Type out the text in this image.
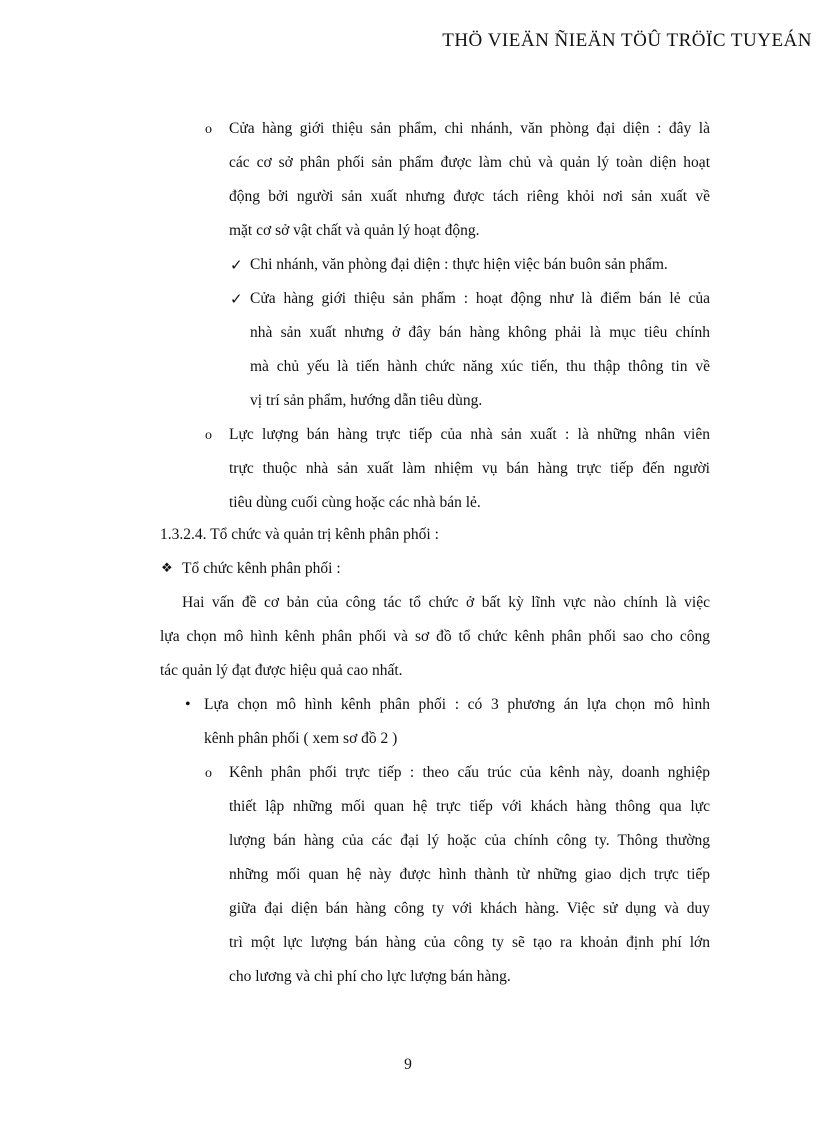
THÖ VIEÄN ÑIEÄN TÖÛ TRÖÏC TUYEÁN
o Cửa hàng giới thiệu sản phẩm, chi nhánh, văn phòng đại diện : đây là
các cơ sở phân phối sản phẩm được làm chủ và quản lý toàn diện hoạt
động bởi người sản xuất nhưng được tách riêng khỏi nơi sản xuất về
mặt cơ sở vật chất và quản lý hoạt động.
✓ Chi nhánh, văn phòng đại diện : thực hiện việc bán buôn sản phẩm.
✓ Cửa hàng giới thiệu sản phẩm : hoạt động như là điểm bán lẻ của
nhà sản xuất nhưng ở đây bán hàng không phải là mục tiêu chính
mà chủ yếu là tiến hành chức năng xúc tiến, thu thập thông tin về
vị trí sản phẩm, hướng dẫn tiêu dùng.
o Lực lượng bán hàng trực tiếp của nhà sản xuất : là những nhân viên
trực thuộc nhà sản xuất làm nhiệm vụ bán hàng trực tiếp đến người
tiêu dùng cuối cùng hoặc các nhà bán lẻ.
1.3.2.4. Tổ chức và quản trị kênh phân phối :
❖ Tổ chức kênh phân phối :
Hai vấn đề cơ bản của công tác tổ chức ở bất kỳ lĩnh vực nào chính là việc
lựa chọn mô hình kênh phân phối và sơ đồ tổ chức kênh phân phối sao cho công
tác quản lý đạt được hiệu quả cao nhất.
• Lựa chọn mô hình kênh phân phối : có 3 phương án lựa chọn mô hình
kênh phân phối ( xem sơ đồ 2 )
o Kênh phân phối trực tiếp : theo cấu trúc của kênh này, doanh nghiệp
thiết lập những mối quan hệ trực tiếp với khách hàng thông qua lực
lượng bán hàng của các đại lý hoặc của chính công ty. Thông thường
những mối quan hệ này được hình thành từ những giao dịch trực tiếp
giữa đại diện bán hàng công ty với khách hàng. Việc sử dụng và duy
trì một lực lượng bán hàng của công ty sẽ tạo ra khoản định phí lớn
cho lương và chi phí cho lực lượng bán hàng.
9
